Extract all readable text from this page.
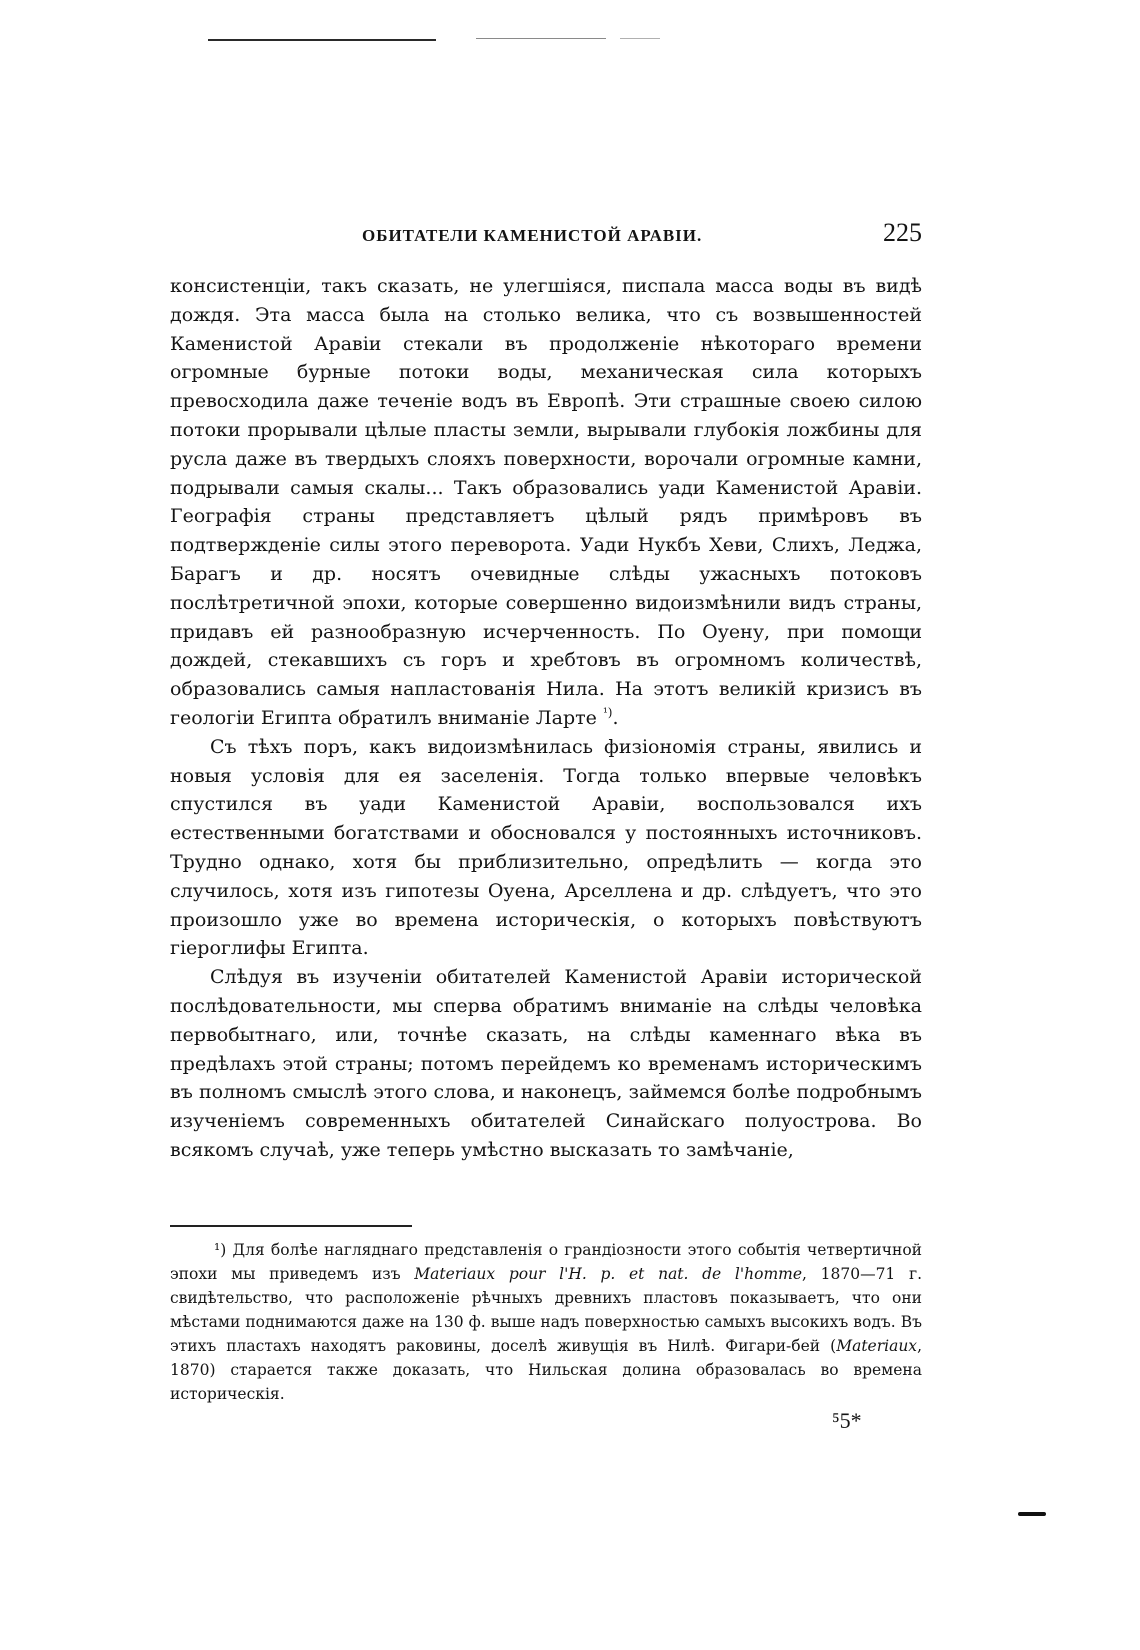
ОБИТАТЕЛИ КАМЕНИСТОЙ АРАВІИ.	225

консистенціи, такъ сказать, не улегшіяся, писпала масса воды въ видѣ дождя. Эта масса была на столько велика, что съ возвышенностей Каменистой Аравіи стекали въ продолженіе нѣкотораго времени огромные бурные потоки воды, механическая сила которыхъ превосходила даже теченіе водъ въ Европѣ. Эти страшные своею силою потоки прорывали цѣлые пласты земли, вырывали глубокія ложбины для русла даже въ твердыхъ слояхъ поверхности, ворочали огромные камни, подрывали самыя скалы... Такъ образовались уади Каменистой Аравіи. Географія страны представляетъ цѣлый рядъ примѣровъ въ подтвержденіе силы этого переворота. Уади Нукбъ Хеви, Слихъ, Леджа, Барагъ и др. носятъ очевидные слѣды ужасныхъ потоковъ послѣтретичной эпохи, которые совершенно видоизмѣнили видъ страны, придавъ ей разнообразную исчерченность. По Оуену, при помощи дождей, стекавшихъ съ горъ и хребтовъ въ огромномъ количествѣ, образовались самыя напластованія Нила. На этотъ великій кризисъ въ геологіи Египта обратилъ вниманіе Ларте $^{^1)}$.

Съ тѣхъ поръ, какъ видоизмѣнилась физіономія страны, явились и новыя условія для ея заселенія. Тогда только впервые человѣкъ спустился въ уади Каменистой Аравіи, воспользовался ихъ естественными богатствами и обосновался у постоянныхъ источниковъ. Трудно однако, хотя бы приблизительно, опредѣлить — когда это случилось, хотя изъ гипотезы Оуена, Арселлена и др. слѣдуетъ, что это произошло уже во времена историческія, о которыхъ повѣствуютъ гіероглифы Египта.

Слѣдуя въ изученіи обитателей Каменистой Аравіи исторической послѣдовательности, мы сперва обратимъ вниманіе на слѣды человѣка первобытнаго, или, точнѣе сказать, на слѣды каменнаго вѣка въ предѣлахъ этой страны; потомъ перейдемъ ко временамъ историческимъ въ полномъ смыслѣ этого слова, и наконецъ, займемся болѣе подробнымъ изученіемъ современныхъ обитателей Синайскаго полуострова. Во всякомъ случаѣ, уже теперь умѣстно высказать то замѣчаніе,

¹) Для болѣе нагляднаго представленія о грандіозности этого событія четвертичной эпохи мы приведемъ изъ Materiaux pour l'H. p. et nat. de l'homme, 1870—71 г. свидѣтельство, что расположеніе рѣчныхъ древнихъ пластовъ показываетъ, что они мѣстами поднимаются даже на 130 ф. выше надъ поверхностью самыхъ высокихъ водъ. Въ этихъ пластахъ находятъ раковины, доселѣ живущія въ Нилѣ. Фигари-бей (Materiaux, 1870) старается также доказать, что Нильская долина образовалась во времена историческія.

⁵5*
